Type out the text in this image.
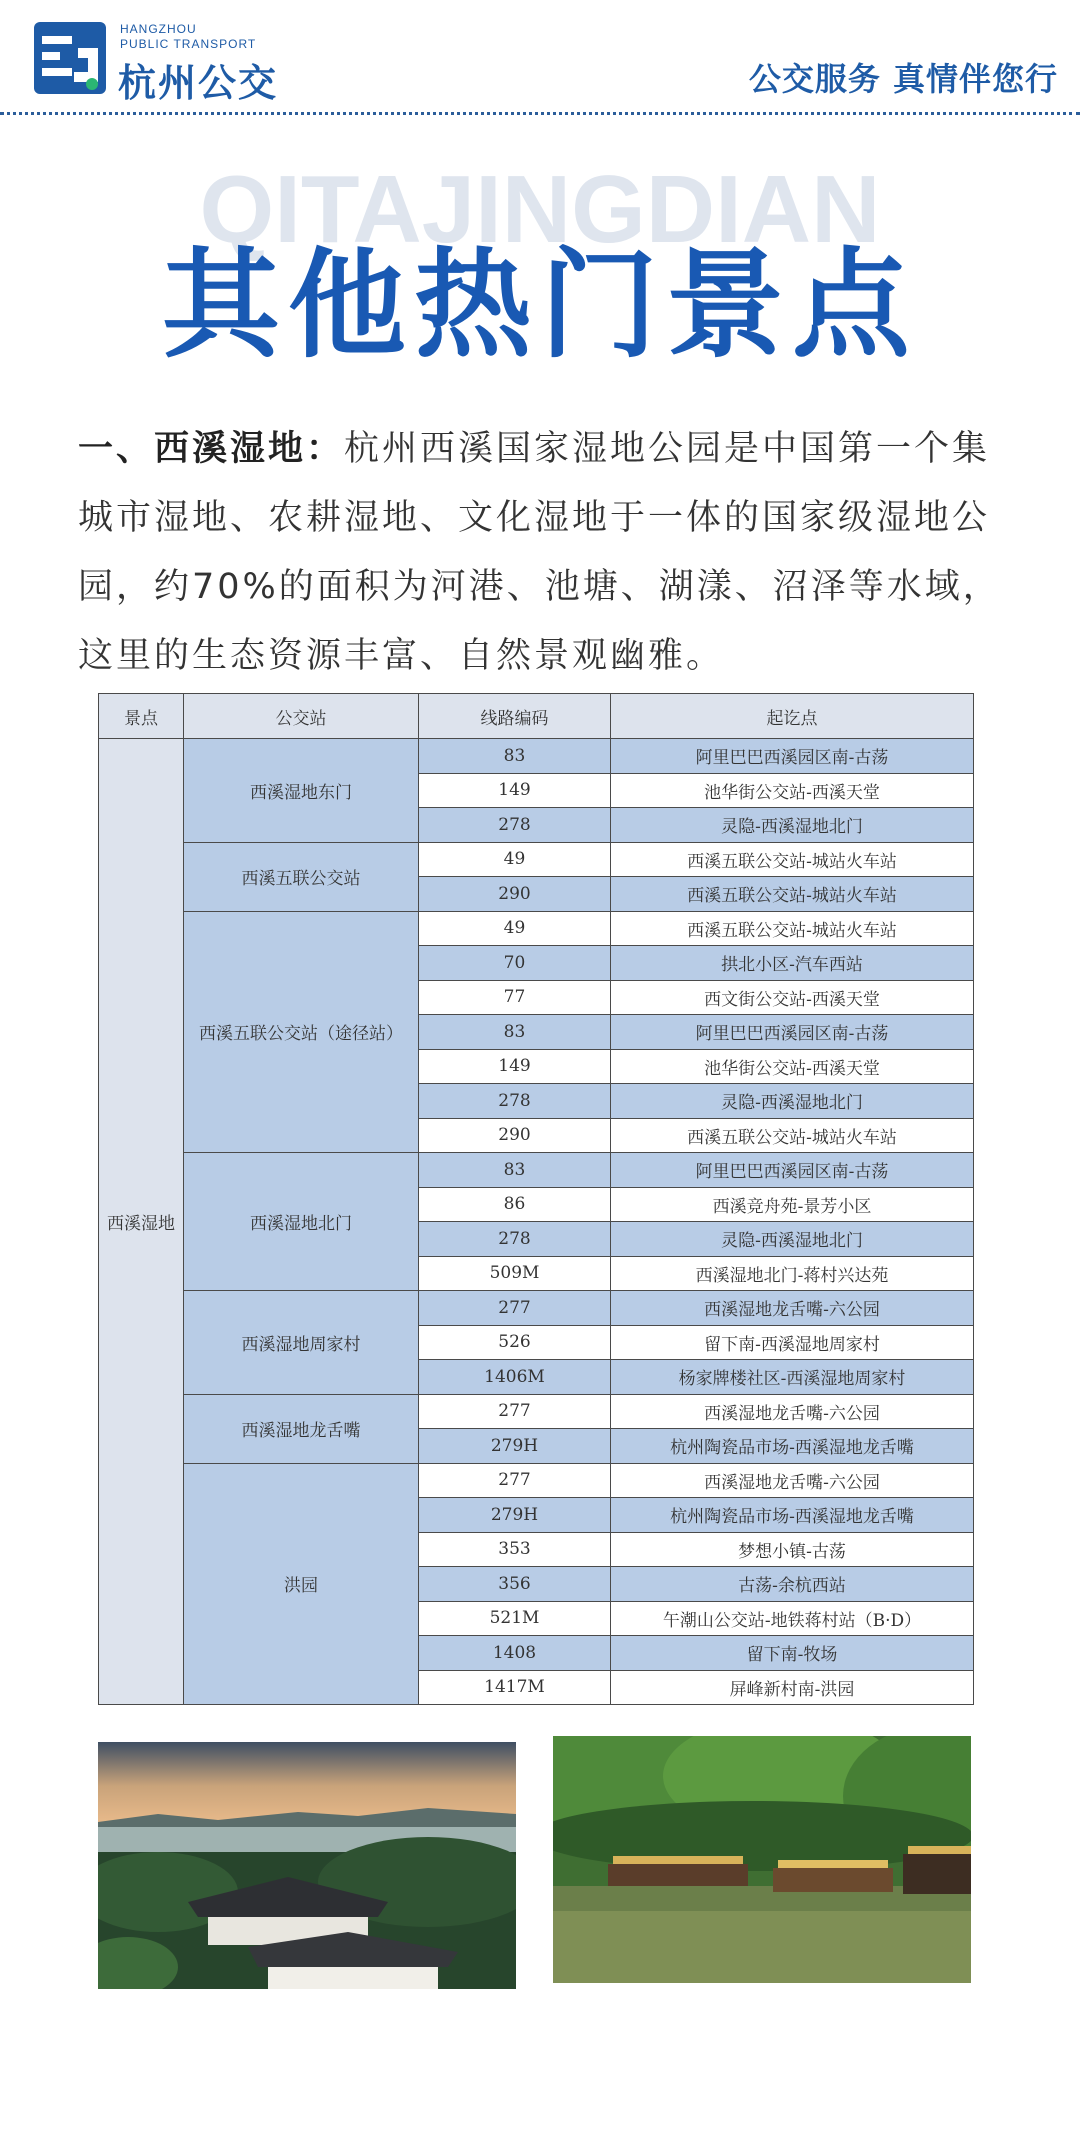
HANGZHOU
PUBLIC TRANSPORT
杭州公交	公交服务 真情伴您行
QITAJINGDIAN
其他热门景点

一、西溪湿地：杭州西溪国家湿地公园是中国第一个集城市湿地、农耕湿地、文化湿地于一体的国家级湿地公园，约70%的面积为河港、池塘、湖漾、沼泽等水域，这里的生态资源丰富、自然景观幽雅。

景点	公交站	线路编码	起讫点
西溪湿地	西溪湿地东门	83	阿里巴巴西溪园区南-古荡
		149	池华街公交站-西溪天堂
		278	灵隐-西溪湿地北门
	西溪五联公交站	49	西溪五联公交站-城站火车站
		290	西溪五联公交站-城站火车站
	西溪五联公交站（途径站）	49	西溪五联公交站-城站火车站
		70	拱北小区-汽车西站
		77	西文街公交站-西溪天堂
		83	阿里巴巴西溪园区南-古荡
		149	池华街公交站-西溪天堂
		278	灵隐-西溪湿地北门
		290	西溪五联公交站-城站火车站
	西溪湿地北门	83	阿里巴巴西溪园区南-古荡
		86	西溪竞舟苑-景芳小区
		278	灵隐-西溪湿地北门
		509M	西溪湿地北门-蒋村兴达苑
	西溪湿地周家村	277	西溪湿地龙舌嘴-六公园
		526	留下南-西溪湿地周家村
		1406M	杨家牌楼社区-西溪湿地周家村
	西溪湿地龙舌嘴	277	西溪湿地龙舌嘴-六公园
		279H	杭州陶瓷品市场-西溪湿地龙舌嘴
	洪园	277	西溪湿地龙舌嘴-六公园
		279H	杭州陶瓷品市场-西溪湿地龙舌嘴
		353	梦想小镇-古荡
		356	古荡-余杭西站
		521M	午潮山公交站-地铁蒋村站（B·D）
		1408	留下南-牧场
		1417M	屏峰新村南-洪园
